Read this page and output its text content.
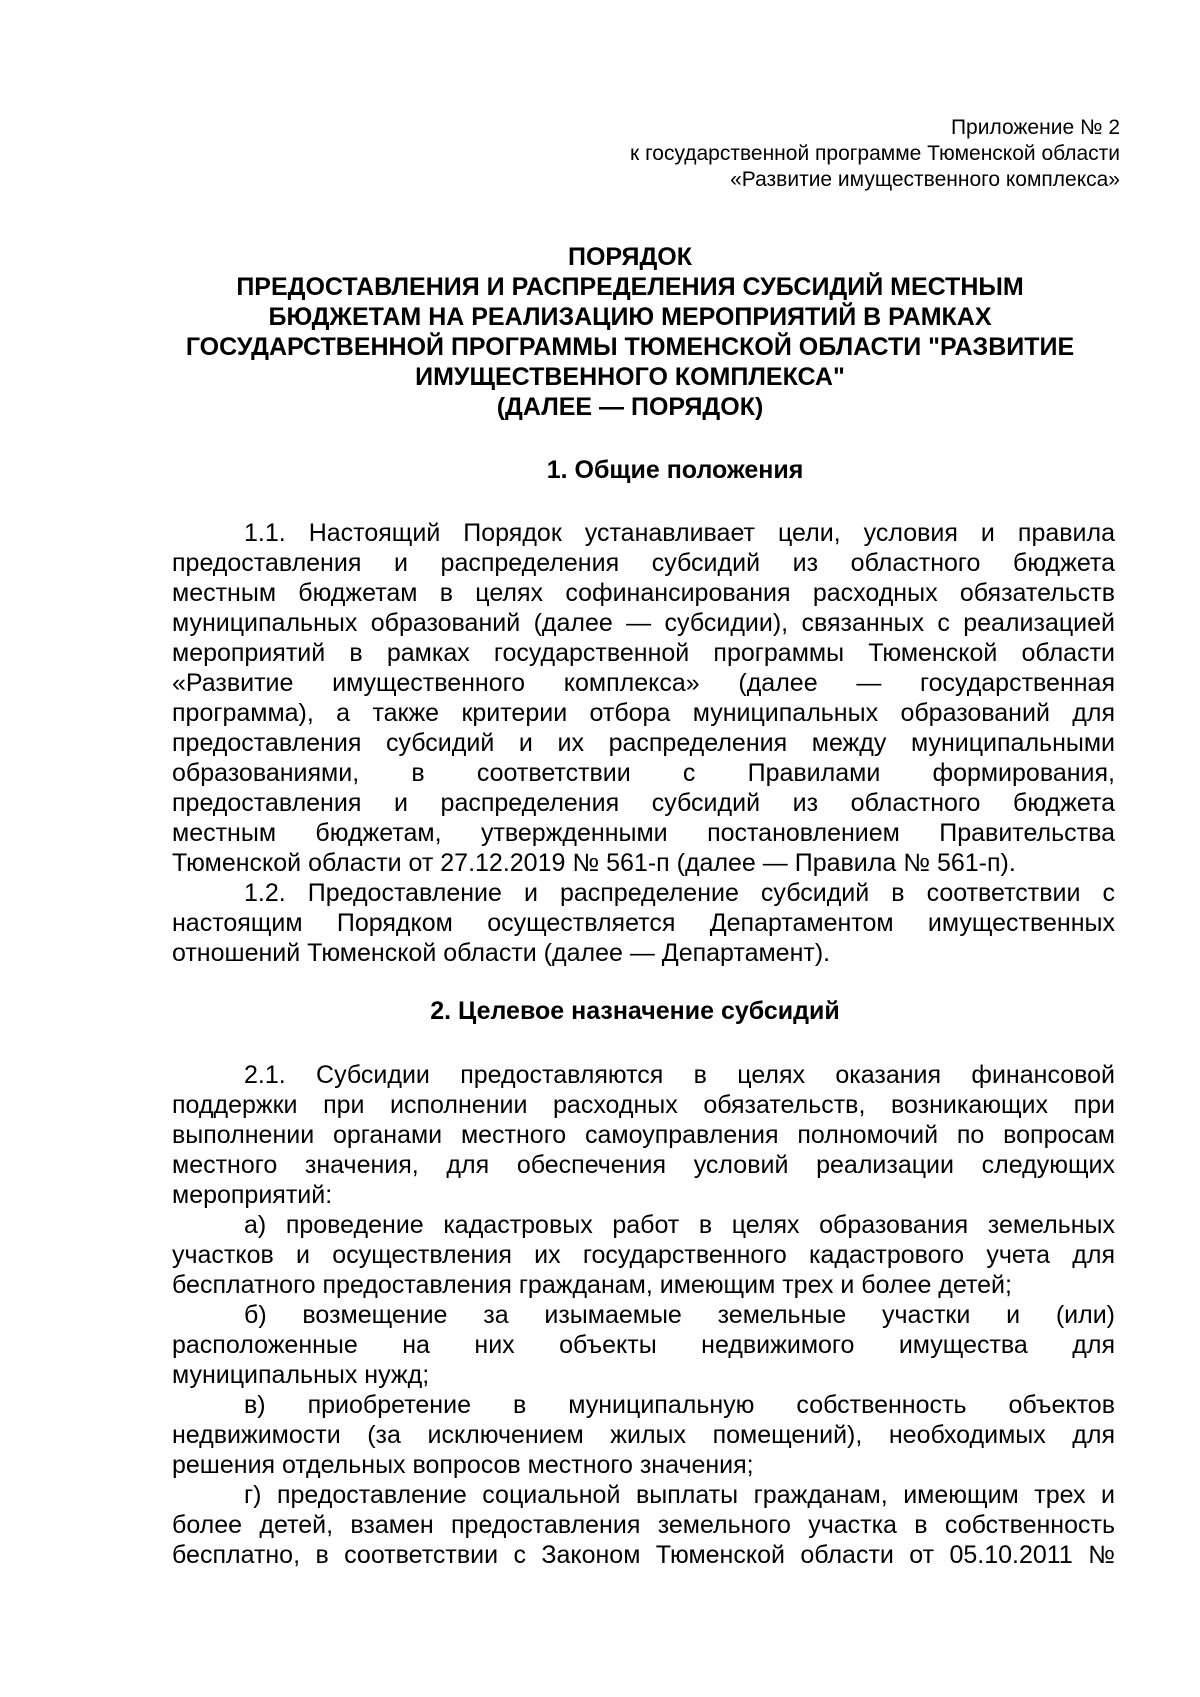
Приложение № 2
к государственной программе Тюменской области
«Развитие имущественного комплекса»
ПОРЯДОК
ПРЕДОСТАВЛЕНИЯ И РАСПРЕДЕЛЕНИЯ СУБСИДИЙ МЕСТНЫМ
БЮДЖЕТАМ НА РЕАЛИЗАЦИЮ МЕРОПРИЯТИЙ В РАМКАХ
ГОСУДАРСТВЕННОЙ ПРОГРАММЫ ТЮМЕНСКОЙ ОБЛАСТИ "РАЗВИТИЕ
ИМУЩЕСТВЕННОГО КОМПЛЕКСА"
(ДАЛЕЕ — ПОРЯДОК)
1. Общие положения
1.1. Настоящий Порядок устанавливает цели, условия и правила
предоставления и распределения субсидий из областного бюджета
местным бюджетам в целях софинансирования расходных обязательств
муниципальных образований (далее — субсидии), связанных с реализацией
мероприятий в рамках государственной программы Тюменской области
«Развитие имущественного комплекса» (далее — государственная
программа), а также критерии отбора муниципальных образований для
предоставления субсидий и их распределения между муниципальными
образованиями, в соответствии с Правилами формирования,
предоставления и распределения субсидий из областного бюджета
местным бюджетам, утвержденными постановлением Правительства
Тюменской области от 27.12.2019 № 561-п (далее — Правила № 561-п).
1.2. Предоставление и распределение субсидий в соответствии с
настоящим Порядком осуществляется Департаментом имущественных
отношений Тюменской области (далее — Департамент).
2. Целевое назначение субсидий
2.1. Субсидии предоставляются в целях оказания финансовой
поддержки при исполнении расходных обязательств, возникающих при
выполнении органами местного самоуправления полномочий по вопросам
местного значения, для обеспечения условий реализации следующих
мероприятий:
а) проведение кадастровых работ в целях образования земельных
участков и осуществления их государственного кадастрового учета для
бесплатного предоставления гражданам, имеющим трех и более детей;
б) возмещение за изымаемые земельные участки и (или)
расположенные на них объекты недвижимого имущества для
муниципальных нужд;
в) приобретение в муниципальную собственность объектов
недвижимости (за исключением жилых помещений), необходимых для
решения отдельных вопросов местного значения;
г) предоставление социальной выплаты гражданам, имеющим трех и
более детей, взамен предоставления земельного участка в собственность
бесплатно, в соответствии с Законом Тюменской области от 05.10.2011 №
